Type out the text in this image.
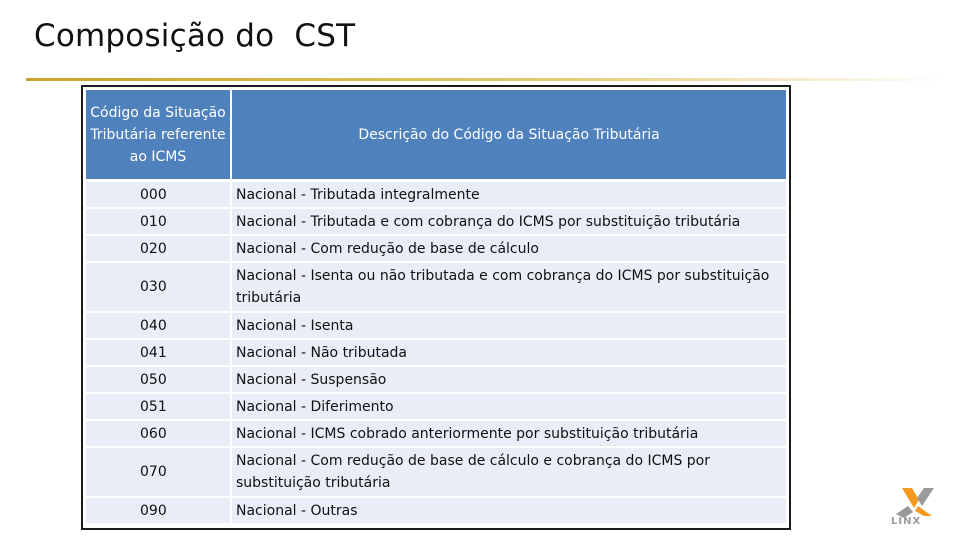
Composição do  CST
Código da Situação Tributária referente ao ICMS	Descrição do Código da Situação Tributária
000	Nacional - Tributada integralmente
010	Nacional - Tributada e com cobrança do ICMS por substituição tributária
020	Nacional - Com redução de base de cálculo
030	Nacional - Isenta ou não tributada e com cobrança do ICMS por substituição tributária
040	Nacional - Isenta
041	Nacional - Não tributada
050	Nacional - Suspensão
051	Nacional - Diferimento
060	Nacional - ICMS cobrado anteriormente por substituição tributária
070	Nacional - Com redução de base de cálculo e cobrança do ICMS por substituição tributária
090	Nacional - Outras
LINX
